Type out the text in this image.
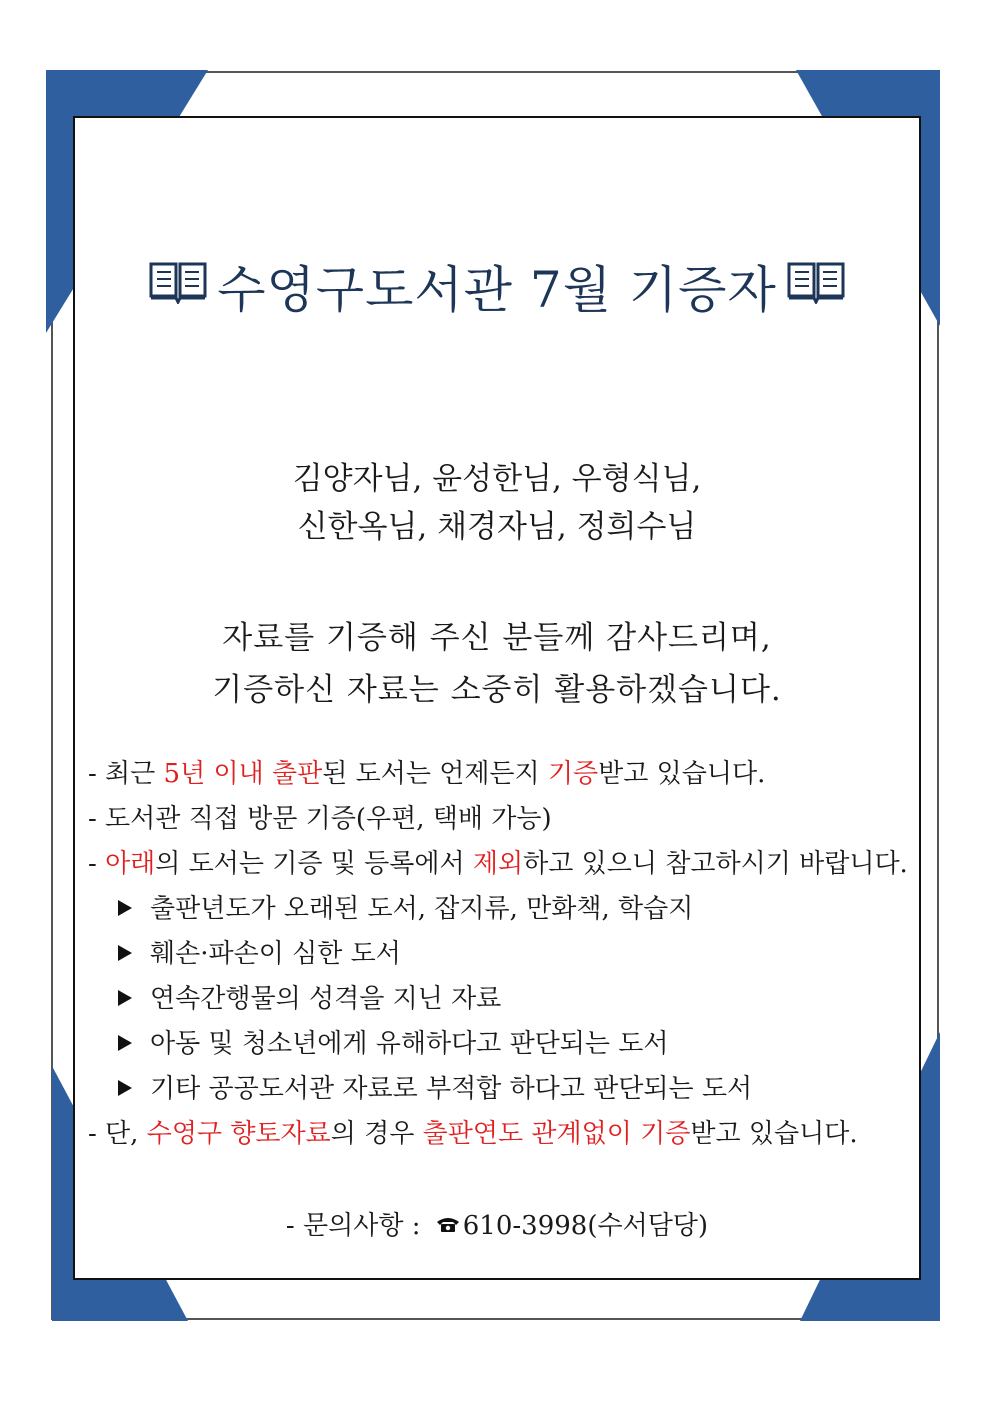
수영구도서관 7월 기증자
김양자님, 윤성한님, 우형식님,
신한옥님, 채경자님, 정희수님
자료를 기증해 주신 분들께 감사드리며,
기증하신 자료는 소중히 활용하겠습니다.
- 최근 5년 이내 출판된 도서는 언제든지 기증받고 있습니다.
- 도서관 직접 방문 기증(우편, 택배 가능)
- 아래의 도서는 기증 및 등록에서 제외하고 있으니 참고하시기 바랍니다.
출판년도가 오래된 도서, 잡지류, 만화책, 학습지
훼손·파손이 심한 도서
연속간행물의 성격을 지닌 자료
아동 및 청소년에게 유해하다고 판단되는 도서
기타 공공도서관 자료로 부적합 하다고 판단되는 도서
- 단, 수영구 향토자료의 경우 출판연도 관계없이 기증받고 있습니다.
- 문의사항 : 610-3998(수서담당)
